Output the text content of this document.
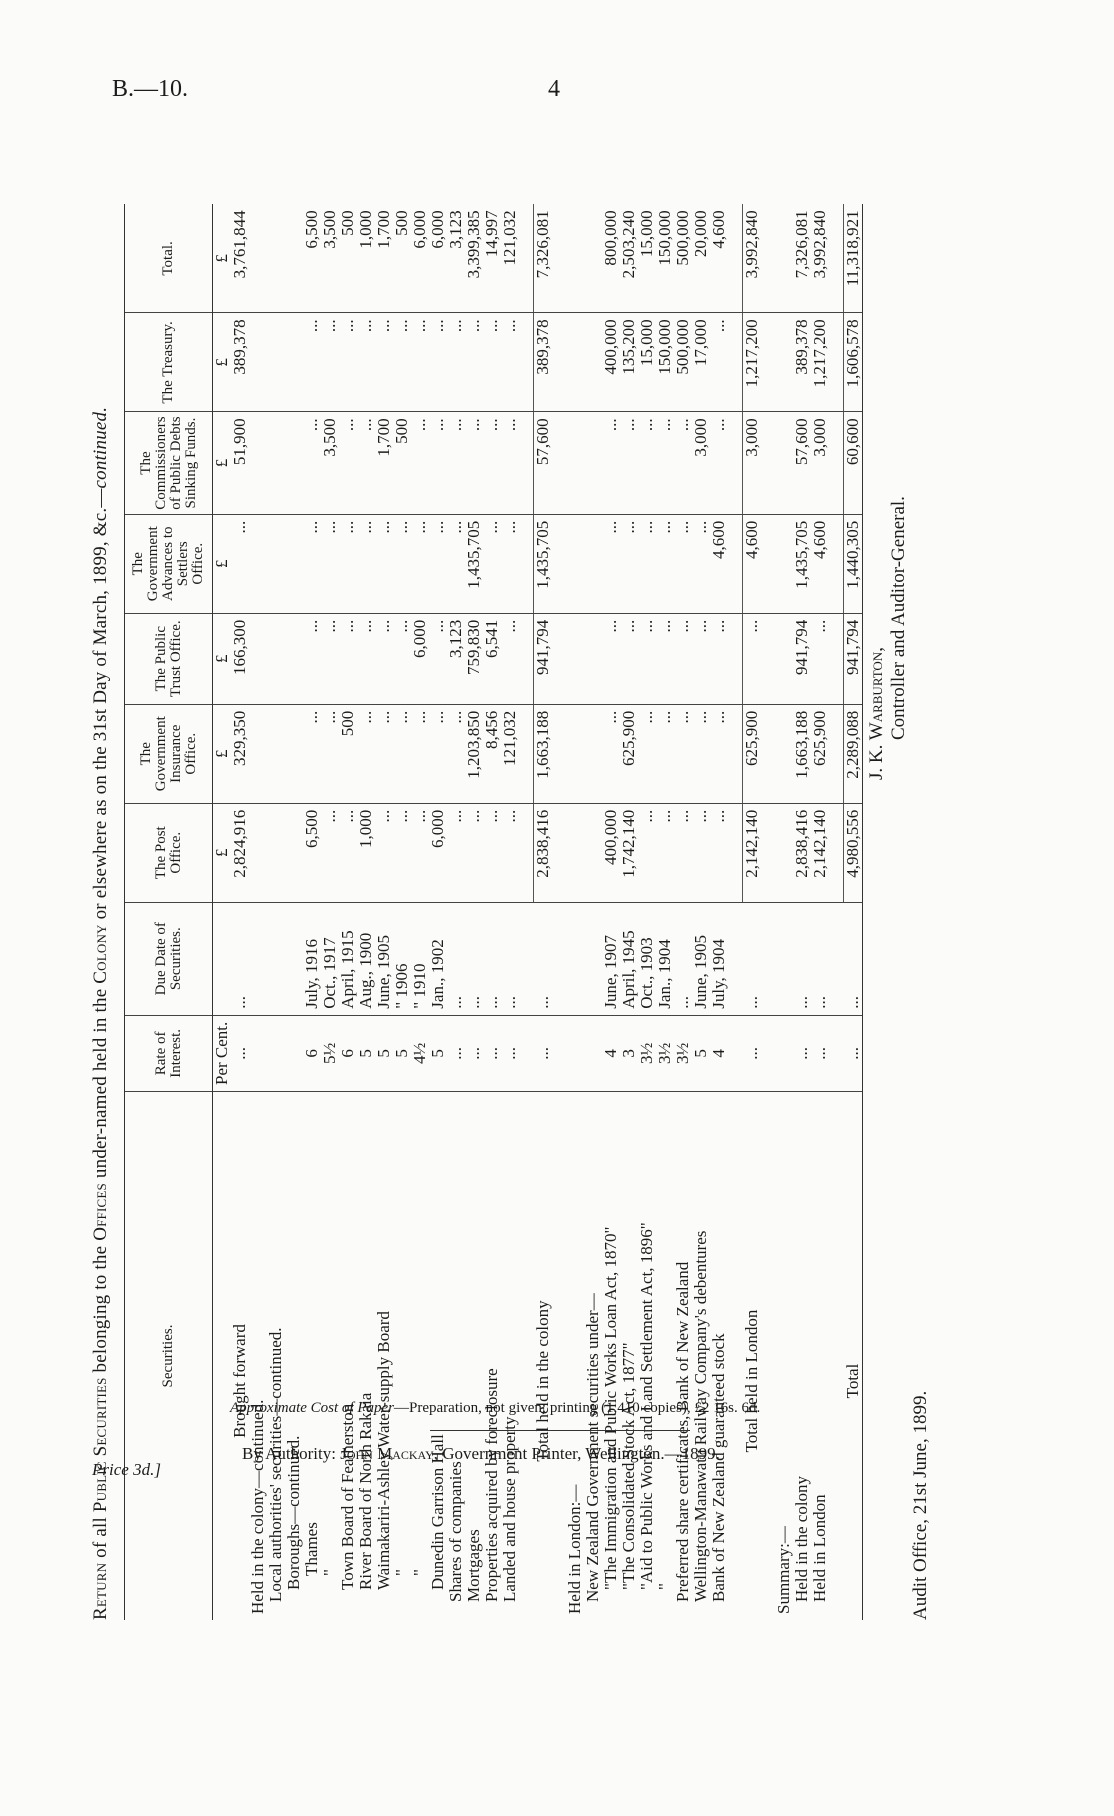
B.—10.	4
Return of all Public Securities belonging to the Offices under-named held in the Colony or elsewhere as on the 31st Day of March, 1899, &c.—continued.
Securities.	Rate of Interest.	Due Date of Securities.	The Post Office.	The Government Insurance Office.	The Public Trust Office.	The Government Advances to Settlers Office.	The Commissioners of Public Debts Sinking Funds.	The Treasury.	Total.
	Per Cent.		£	£	£	£	£	£	£

Brought forward	...	...	2,824,916	329,350	166,300	...	51,900	389,378	3,761,844
Held in the colony—continued.									
Local authorities' securities—continued.									
Boroughs—continued.									
Thames	6	July, 1916	6,500	...	...	...	...	...	6,500
"	5½	Oct., 1917	...	...	...	...	3,500	...	3,500
Town Board of Featherston	6	April, 1915	...	500	...	...	...	...	500
River Board of North Rakaia	5	Aug., 1900	1,000	...	...	...	...	...	1,000
Waimakariri-Ashley Water-supply Board	5	June, 1905	...	...	...	...	1,700	...	1,700
"	5	" 1906	...	...	...	...	500	...	500
"	4½	" 1910	...	...	6,000	...	...	...	6,000
Dunedin Garrison Hall	5	Jan., 1902	6,000	...	...	...	...	...	6,000
Shares of companies	...	...	...	...	3,123	...	...	...	3,123
Mortgages	...	...	...	1,203,850	759,830	1,435,705	...	...	3,399,385
Properties acquired by foreclosure	...	...	...	8,456	6,541	...	...	...	14,997
Landed and house property	...	...	...	121,032	...	...	...	...	121,032

Total held in the colony	...	...	2,838,416	1,663,188	941,794	1,435,705	57,600	389,378	7,326,081

Held in London:—									
New Zealand Government securities under—									
"The Immigration and Public Works Loan Act, 1870"	4	June, 1907	400,000	...	...	...	...	400,000	800,000
"The Consolidated Stock Act, 1877"	3	April, 1945	1,742,140	625,900	...	...	...	135,200	2,503,240
"Aid to Public Works and Land Settlement Act, 1896"	3½	Oct., 1903	...	...	...	...	...	15,000	15,000
"	3½	Jan., 1904	...	...	...	...	...	150,000	150,000
Preferred share certificates, Bank of New Zealand	3½	...	...	...	...	...	...	500,000	500,000
Wellington-Manawatu Railway Company's debentures	5	June, 1905	...	...	...	...	3,000	17,000	20,000
Bank of New Zealand guaranteed stock	4	July, 1904	...	...	...	4,600	...	...	4,600

Total held in London	...	...	2,142,140	625,900	...	4,600	3,000	1,217,200	3,992,840

Summary:—									
Held in the colony	...	...	2,838,416	1,663,188	941,794	1,435,705	57,600	389,378	7,326,081
Held in London	...	...	2,142,140	625,900	...	4,600	3,000	1,217,200	3,992,840

Total	...	...	4,980,556	2,289,088	941,794	1,440,305	60,600	1,606,578	11,318,921
Audit Office, 21st June, 1899.
J. K. Warburton, Controller and Auditor-General.
Approximate Cost of Paper—Preparation, not given; printing (1,410 copies), £2 16s. 6d.
By Authority: John Mackay, Government Printer, Wellington.—1899.
Price 3d.]
